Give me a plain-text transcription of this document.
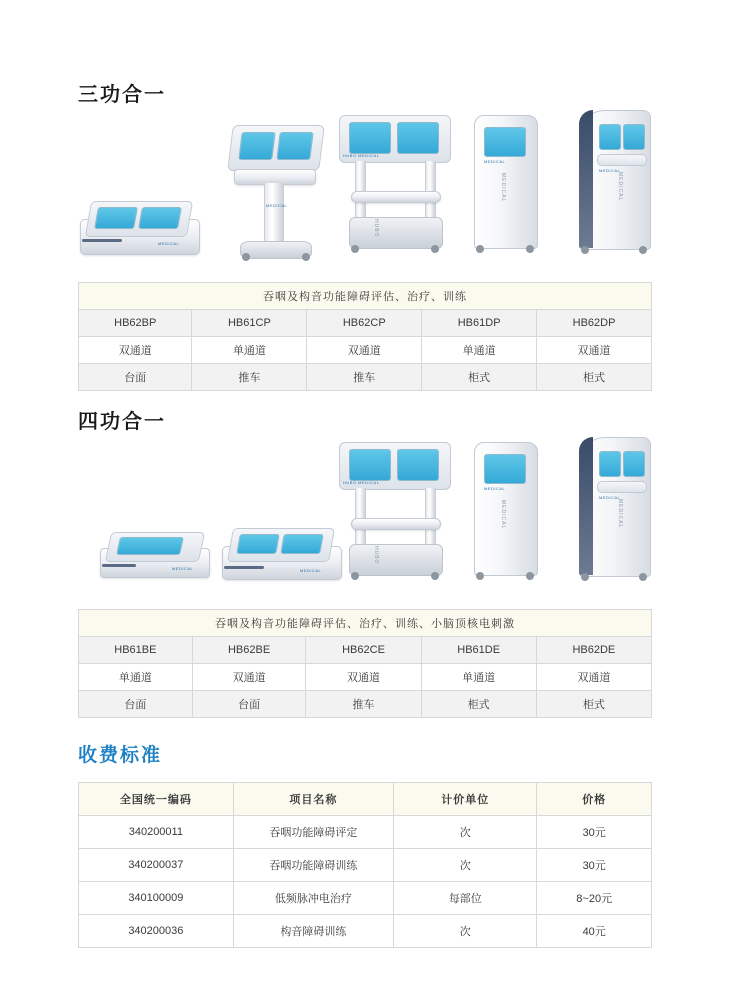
三功合一
MEDICAL
MEDICAL
HUBO MEDICAL
HUBO
MEDICAL
MEDICAL	MEDICAL
MEDICAL
吞咽及构音功能障碍评估、治疗、训练				
HB62BP	HB61CP	HB62CP	HB61DP	HB62DP
双通道	单通道	双通道	单通道	双通道
台面	推车	推车	柜式	柜式
四功合一
MEDICAL	MEDICAL
HUBO MEDICAL
HUBO
MEDICAL
MEDICAL	MEDICAL
MEDICAL
吞咽及构音功能障碍评估、治疗、训练、小脑顶核电刺激				
HB61BE	HB62BE	HB62CE	HB61DE	HB62DE
单通道	双通道	双通道	单通道	双通道
台面	台面	推车	柜式	柜式
收费标准
全国统一编码	项目名称	计价单位	价格
340200011	吞咽功能障碍评定	次	30元
340200037	吞咽功能障碍训练	次	30元
340100009	低频脉冲电治疗	每部位	8~20元
340200036	构音障碍训练	次	40元
